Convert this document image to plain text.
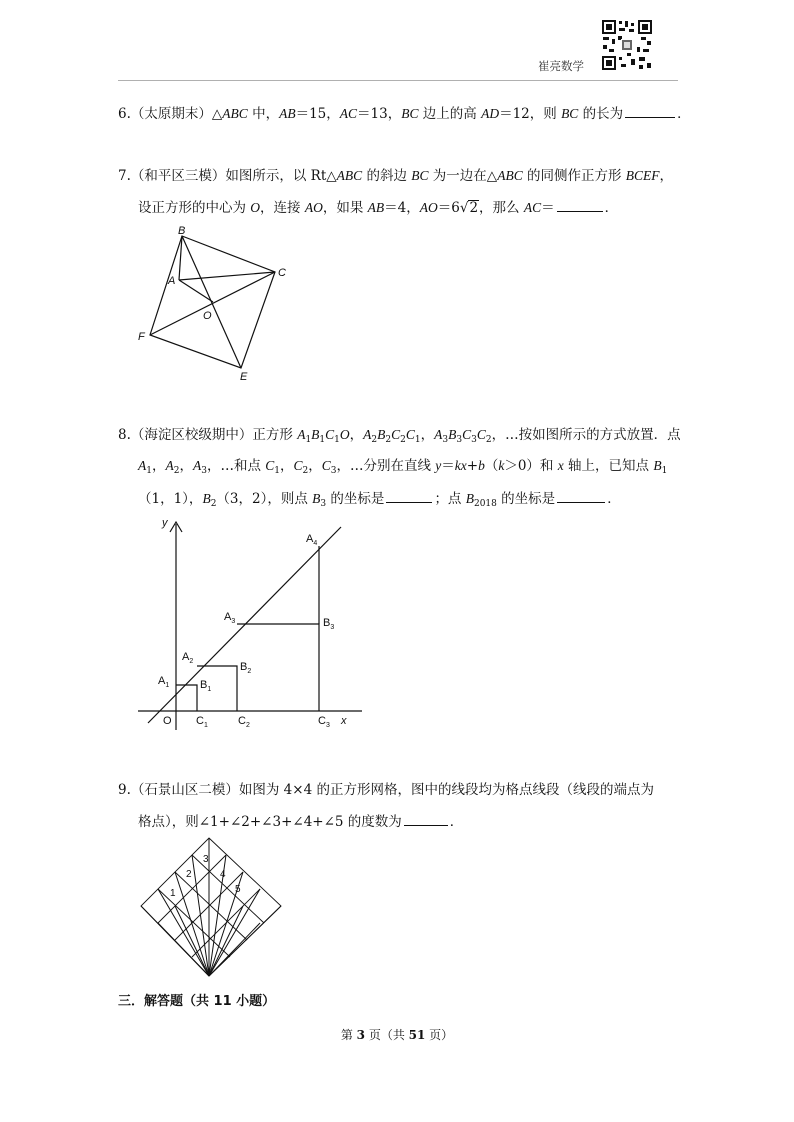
崔亮数学
6.（太原期末）△ABC 中，AB＝15，AC＝13，BC 边上的高 AD＝12，则 BC 的长为	．
7.（和平区三模）如图所示，以 Rt△ABC 的斜边 BC 为一边在△ABC 的同侧作正方形 BCEF，
设正方形的中心为 O，连接 AO，如果 AB＝4，AO＝6√2，那么 AC＝	．
B
A
C
O
F
E
8.（海淀区校级期中）正方形 $A_1B_1C_1O$，$A_2B_2C_2C_1$，$A_3B_3C_3C_2$，…按如图所示的方式放置．点
$A_1$，$A_2$，$A_3$，…和点 $C_1$，$C_2$，$C_3$，…分别在直线 y＝kx+b（k＞0）和 x 轴上，已知点 $B_1$
（1，1），$B_2(3$，2），则点 $B_3$ 的坐标是	；点 $B_{2018}$ 的坐标是	．
y
x
O
$A_1$
$A_2$
$A_3$
$A_4$
$B_1$
$B_2$
$B_3$
$C_1$	$C_2$	$C_3$
9.（石景山区二模）如图为 4×4 的正方形网格，图中的线段均为格点线段（线段的端点为
格点），则∠1+∠2+∠3+∠4+∠5 的度数为	．
1
2
3
4
5
三．解答题（共 11 小题）
第 3 页（共 51 页）
